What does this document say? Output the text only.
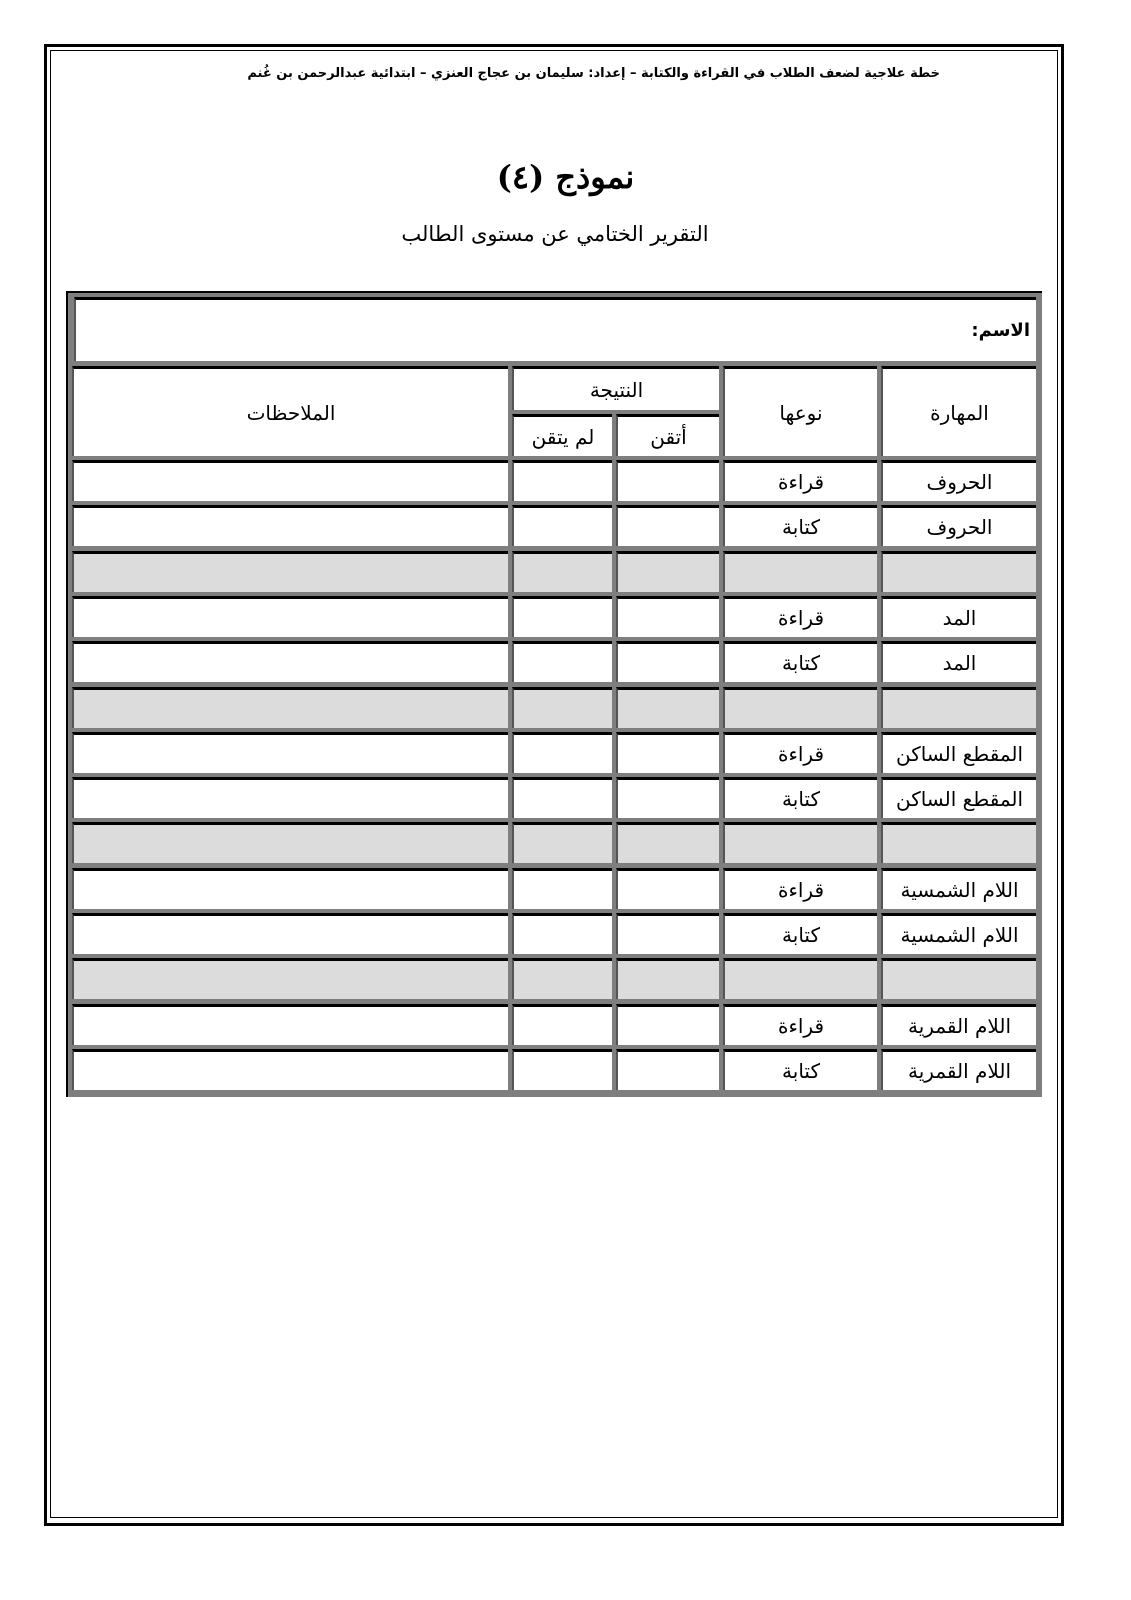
خطة علاجية لضعف الطلاب في القراءة والكتابة – إعداد: سليمان بن عجاج العنزي – ابتدائية عبدالرحمن بن غُنم
نموذج (٤)
التقرير الختامي عن مستوى الطالب
الاسم:
المهارة
نوعها
النتيجة
أتقن
لم يتقن
الملاحظات
الحروف
قراءة
الحروف
كتابة
المد
قراءة
المد
كتابة
المقطع الساكن
قراءة
المقطع الساكن
كتابة
اللام الشمسية
قراءة
اللام الشمسية
كتابة
اللام القمرية
قراءة
اللام القمرية
كتابة
